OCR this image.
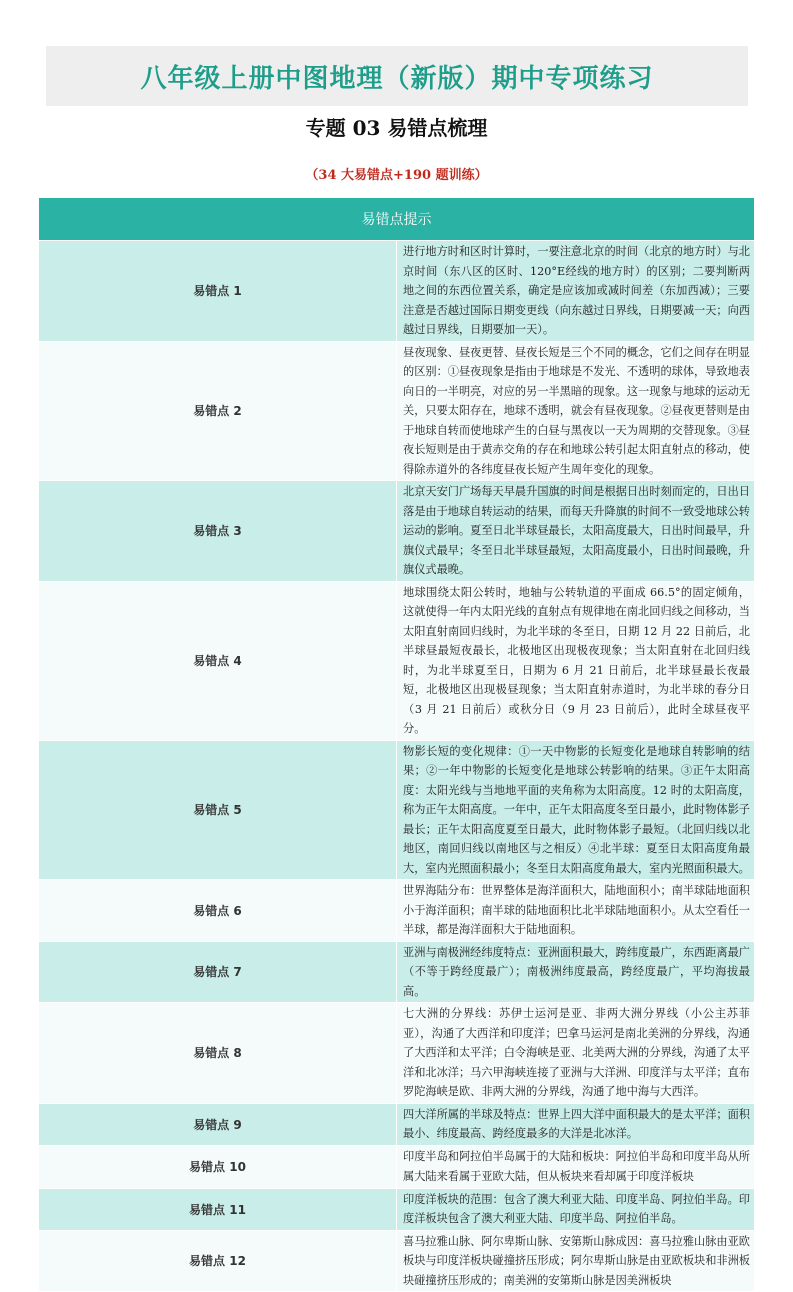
八年级上册中图地理（新版）期中专项练习
专题 03 易错点梳理
（34 大易错点+190 题训练）
易错点提示	
易错点 1	进行地方时和区时计算时，一要注意北京的时间（北京的地方时）与北京时间（东八区的区时、120°E经线的地方时）的区别；二要判断两地之间的东西位置关系，确定是应该加或减时间差（东加西减）；三要注意是否越过国际日期变更线（向东越过日界线，日期要减一天；向西越过日界线，日期要加一天）。
易错点 2	昼夜现象、昼夜更替、昼夜长短是三个不同的概念，它们之间存在明显的区别：①昼夜现象是指由于地球是不发光、不透明的球体，导致地表向日的一半明亮，对应的另一半黑暗的现象。这一现象与地球的运动无关，只要太阳存在，地球不透明，就会有昼夜现象。②昼夜更替则是由于地球自转而使地球产生的白昼与黑夜以一天为周期的交替现象。③昼夜长短则是由于黄赤交角的存在和地球公转引起太阳直射点的移动，使得除赤道外的各纬度昼夜长短产生周年变化的现象。
易错点 3	北京天安门广场每天早晨升国旗的时间是根据日出时刻而定的，日出日落是由于地球自转运动的结果，而每天升降旗的时间不一致受地球公转运动的影响。夏至日北半球昼最长，太阳高度最大，日出时间最早，升旗仪式最早；冬至日北半球昼最短，太阳高度最小，日出时间最晚，升旗仪式最晚。
易错点 4	地球围绕太阳公转时，地轴与公转轨道的平面成 66.5°的固定倾角，这就使得一年内太阳光线的直射点有规律地在南北回归线之间移动，当太阳直射南回归线时，为北半球的冬至日，日期 12 月 22 日前后，北半球昼最短夜最长，北极地区出现极夜现象；当太阳直射在北回归线时，为北半球夏至日，日期为 6 月 21 日前后，北半球昼最长夜最短，北极地区出现极昼现象；当太阳直射赤道时，为北半球的春分日（3 月 21 日前后）或秋分日（9 月 23 日前后），此时全球昼夜平分。
易错点 5	物影长短的变化规律：①一天中物影的长短变化是地球自转影响的结果；②一年中物影的长短变化是地球公转影响的结果。③正午太阳高度：太阳光线与当地地平面的夹角称为太阳高度。12 时的太阳高度，称为正午太阳高度。一年中，正午太阳高度冬至日最小，此时物体影子最长；正午太阳高度夏至日最大，此时物体影子最短。（北回归线以北地区，南回归线以南地区与之相反）④北半球：夏至日太阳高度角最大，室内光照面积最小；冬至日太阳高度角最大，室内光照面积最大。
易错点 6	世界海陆分布：世界整体是海洋面积大，陆地面积小；南半球陆地面积小于海洋面积；南半球的陆地面积比北半球陆地面积小。从太空看任一半球，都是海洋面积大于陆地面积。
易错点 7	亚洲与南极洲经纬度特点：亚洲面积最大，跨纬度最广，东西距离最广（不等于跨经度最广）；南极洲纬度最高，跨经度最广，平均海拔最高。
易错点 8	七大洲的分界线：苏伊士运河是亚、非两大洲分界线（小公主苏菲亚），沟通了大西洋和印度洋；巴拿马运河是南北美洲的分界线，沟通了大西洋和太平洋；白令海峡是亚、北美两大洲的分界线，沟通了太平洋和北冰洋；马六甲海峡连接了亚洲与大洋洲、印度洋与太平洋；直布罗陀海峡是欧、非两大洲的分界线，沟通了地中海与大西洋。
易错点 9	四大洋所属的半球及特点：世界上四大洋中面积最大的是太平洋；面积最小、纬度最高、跨经度最多的大洋是北冰洋。
易错点 10	印度半岛和阿拉伯半岛属于的大陆和板块：阿拉伯半岛和印度半岛从所属大陆来看属于亚欧大陆，但从板块来看却属于印度洋板块
易错点 11	印度洋板块的范围：包含了澳大利亚大陆、印度半岛、阿拉伯半岛。印度洋板块包含了澳大利亚大陆、印度半岛、阿拉伯半岛。
易错点 12	喜马拉雅山脉、阿尔卑斯山脉、安第斯山脉成因：喜马拉雅山脉由亚欧板块与印度洋板块碰撞挤压形成；阿尔卑斯山脉是由亚欧板块和非洲板块碰撞挤压形成的；南美洲的安第斯山脉是因美洲板块
